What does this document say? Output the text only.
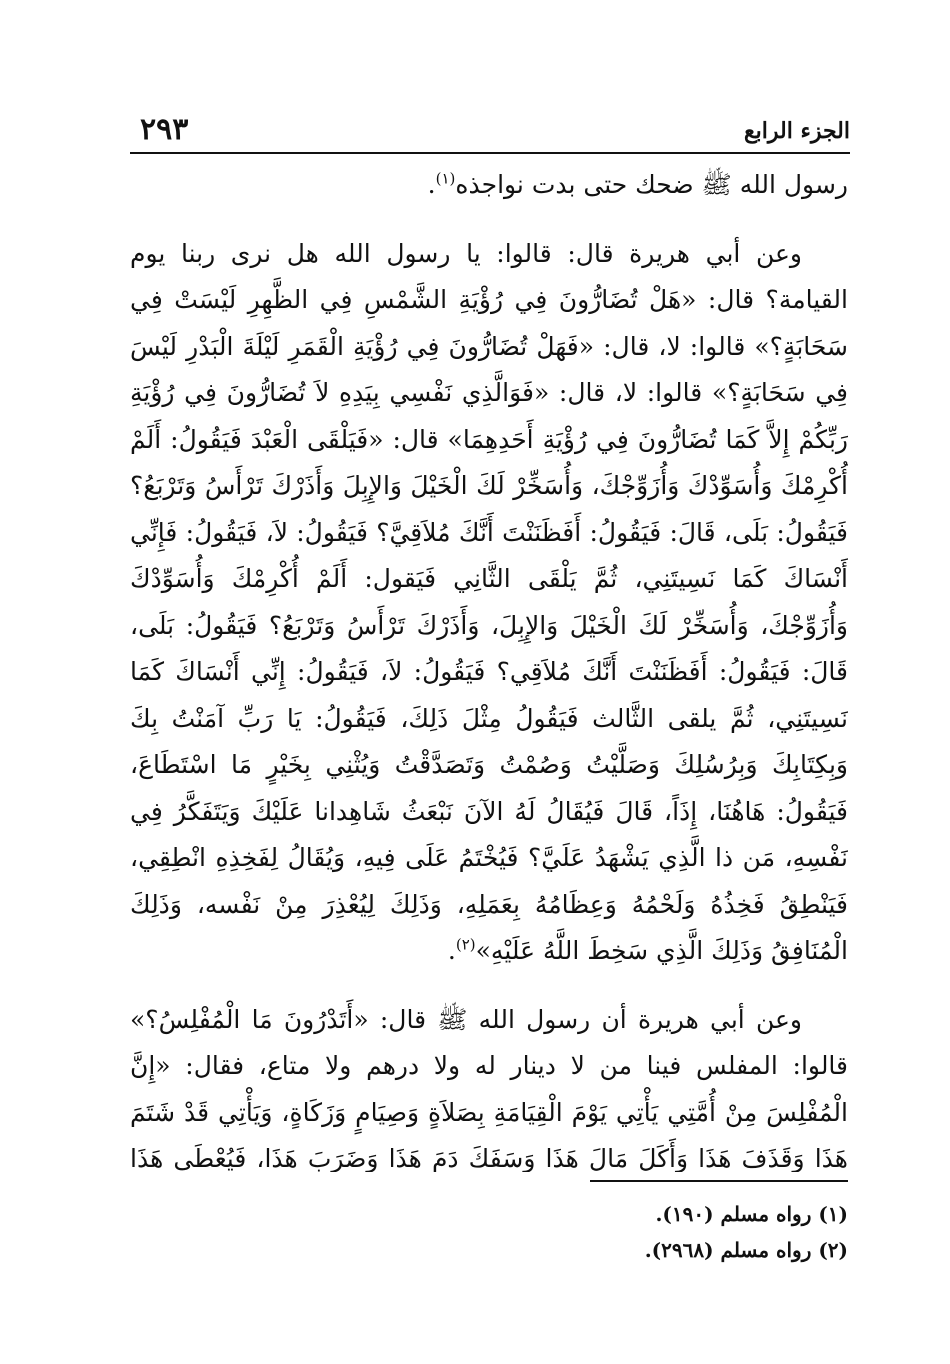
الجزء الرابع
٢٩٣

رسول الله ﷺ ضحك حتى بدت نواجذه$^{(١)}$.

وعن أبي هريرة قال: قالوا: يا رسول الله هل نرى ربنا يوم القيامة؟ قال: «هَلْ تُضَارُّونَ فِي رُؤْيَةِ الشَّمْسِ فِي الظَّهِرِ لَيْسَتْ فِي سَحَابَةٍ؟» قالوا: لا، قال: «فَهَلْ تُضَارُّونَ فِي رُؤْيَةِ الْقَمَرِ لَيْلَةَ الْبَدْرِ لَيْسَ فِي سَحَابَةٍ؟» قالوا: لا، قال: «فَوَالَّذِي نَفْسِي بِيَدِهِ لاَ تُضَارُّونَ فِي رُؤْيَةِ رَبِّكُمْ إِلاَّ كَمَا تُضَارُّونَ فِي رُؤْيَةِ أَحَدِهِمَا» قال: «فَيَلْقَى الْعَبْدَ فَيَقُولُ: أَلَمْ أُكْرِمْكَ وَأُسَوِّدْكَ وَأُزَوِّجْكَ، وَأُسَخِّرْ لَكَ الْخَيْلَ وَالإِبِلَ وَأَذَرْكَ تَرْأَسُ وَتَرْبَعُ؟ فَيَقُولُ: بَلَى، قَالَ: فَيَقُولُ: أَفَظَنَنْتَ أَنَّكَ مُلاَقِيَّ؟ فَيَقُولُ: لاَ، فَيَقُولُ: فَإِنِّي أَنْسَاكَ كَمَا نَسِيتَنِي، ثُمَّ يَلْقَى الثَّانِي فَيَقول: أَلَمْ أُكْرِمْكَ وَأُسَوِّدْكَ وَأُزَوِّجْكَ، وَأُسَخِّرْ لَكَ الْخَيْلَ وَالإِبِلَ، وَأَذَرْكَ تَرْأَسُ وَتَرْبَعُ؟ فَيَقُولُ: بَلَى، قَالَ: فَيَقُولُ: أَفَظَنَنْتَ أَنَّكَ مُلاَقِي؟ فَيَقُولُ: لاَ، فَيَقُولُ: إِنِّي أَنْسَاكَ كَمَا نَسِيتَنِي، ثُمَّ يلقى الثَّالث فَيَقُولُ مِثْلَ ذَلِكَ، فَيَقُولُ: يَا رَبِّ آمَنْتُ بِكَ وَبِكِتَابِكَ وَبِرُسُلِكَ وَصَلَّيْتُ وَصُمْتُ وَتَصَدَّقْتُ وَيُثْنِي بِخَيْرٍ مَا اسْتَطَاعَ، فَيَقُولُ: هَاهُنَا، إِذَاً، قَالَ فَيُقَالُ لَهُ الآنَ نَبْعَثُ شَاهِدانا عَلَيْكَ وَيَتَفَكَّرُ فِي نَفْسِهِ، مَن ذا الَّذِي يَشْهَدُ عَلَيَّ؟ فَيُخْتَمُ عَلَى فِيهِ، وَيُقَالُ لِفَخِذِهِ انْطِقِي، فَيَنْطِقُ فَخِذُهُ وَلَحْمُهُ وَعِظَامُهُ بِعَمَلِهِ، وَذَلِكَ لِيُعْذِرَ مِنْ نَفْسه، وَذَلِكَ الْمُنَافِقُ وَذَلِكَ الَّذِي سَخِطَ اللَّهُ عَلَيْهِ»$^{(٢)}$.

وعن أبي هريرة أن رسول الله ﷺ قال: «أَتَدْرُونَ مَا الْمُفْلِسُ؟» قالوا: المفلس فينا من لا دينار له ولا درهم ولا متاع، فقال: «إِنَّ الْمُفْلِسَ مِنْ أُمَّتِي يَأْتِي يَوْمَ الْقِيَامَةِ بِصَلاَةٍ وَصِيَامٍ وَزَكَاةٍ، وَيَأْتِي قَدْ شَتَمَ هَذَا وَقَذَفَ هَذَا وَأَكَلَ مَالَ هَذَا وَسَفَكَ دَمَ هَذَا وَضَرَبَ هَذَا، فَيُعْطَى هَذَا

(١) رواه مسلم (١٩٠).
(٢) رواه مسلم (٢٩٦٨).
